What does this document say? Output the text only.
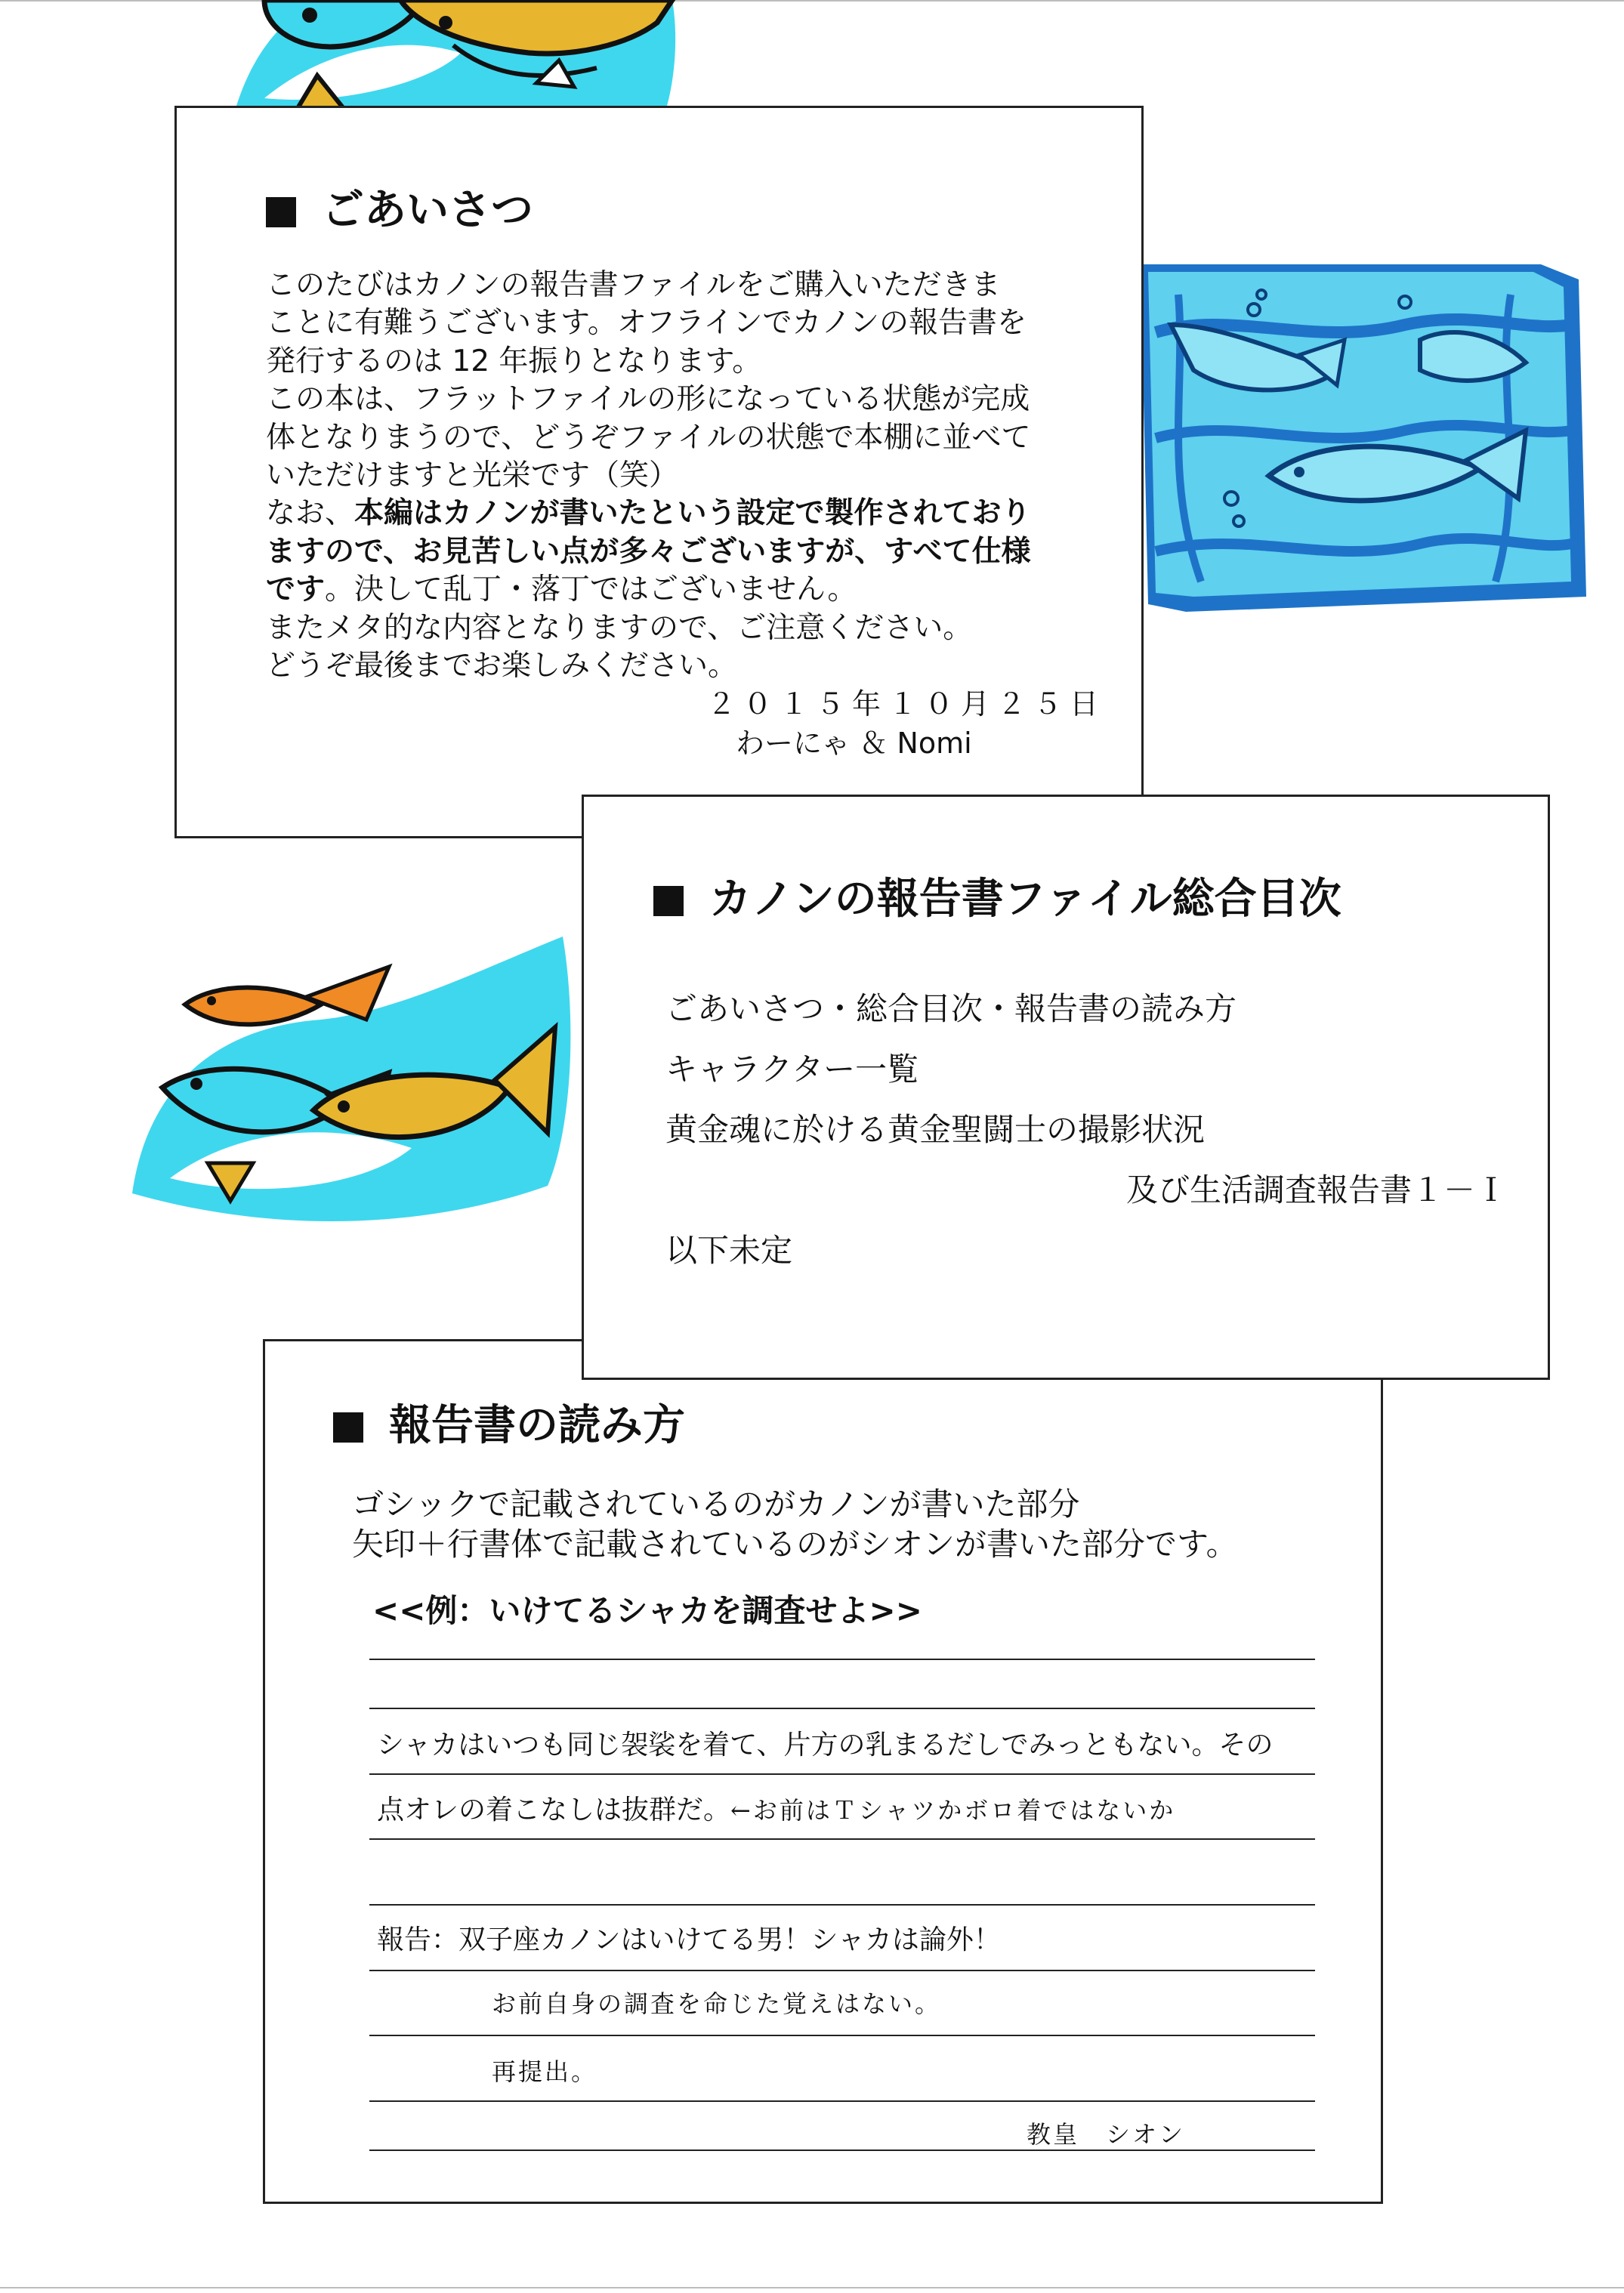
ごあいさつ
このたびはカノンの報告書ファイルをご購入いただきま
ことに有難うございます。オフラインでカノンの報告書を
発行するのは 12 年振りとなります。
この本は、フラットファイルの形になっている状態が完成
体となりまうので、どうぞファイルの状態で本棚に並べて
いただけますと光栄です（笑）
なお、本編はカノンが書いたという設定で製作されており
ますので、お見苦しい点が多々ございますが、すべて仕様
です。決して乱丁・落丁ではございません。
またメタ的な内容となりますので、ご注意ください。
どうぞ最後までお楽しみください。
２０１５年１０月２５日
わーにゃ ＆ Nomi
カノンの報告書ファイル総合目次
ごあいさつ・総合目次・報告書の読み方
キャラクター一覧
黄金魂に於ける黄金聖闘士の撮影状況
及び生活調査報告書１－Ｉ
以下未定
報告書の読み方
ゴシックで記載されているのがカノンが書いた部分
矢印＋行書体で記載されているのがシオンが書いた部分です。
<<例：いけてるシャカを調査せよ>>
シャカはいつも同じ袈裟を着て、片方の乳まるだしでみっともない。その
点オレの着こなしは抜群だ。←お前はＴシャツかボロ着ではないか
報告：双子座カノンはいけてる男！シャカは論外！
お前自身の調査を命じた覚えはない。
再提出。
教皇　シオン
